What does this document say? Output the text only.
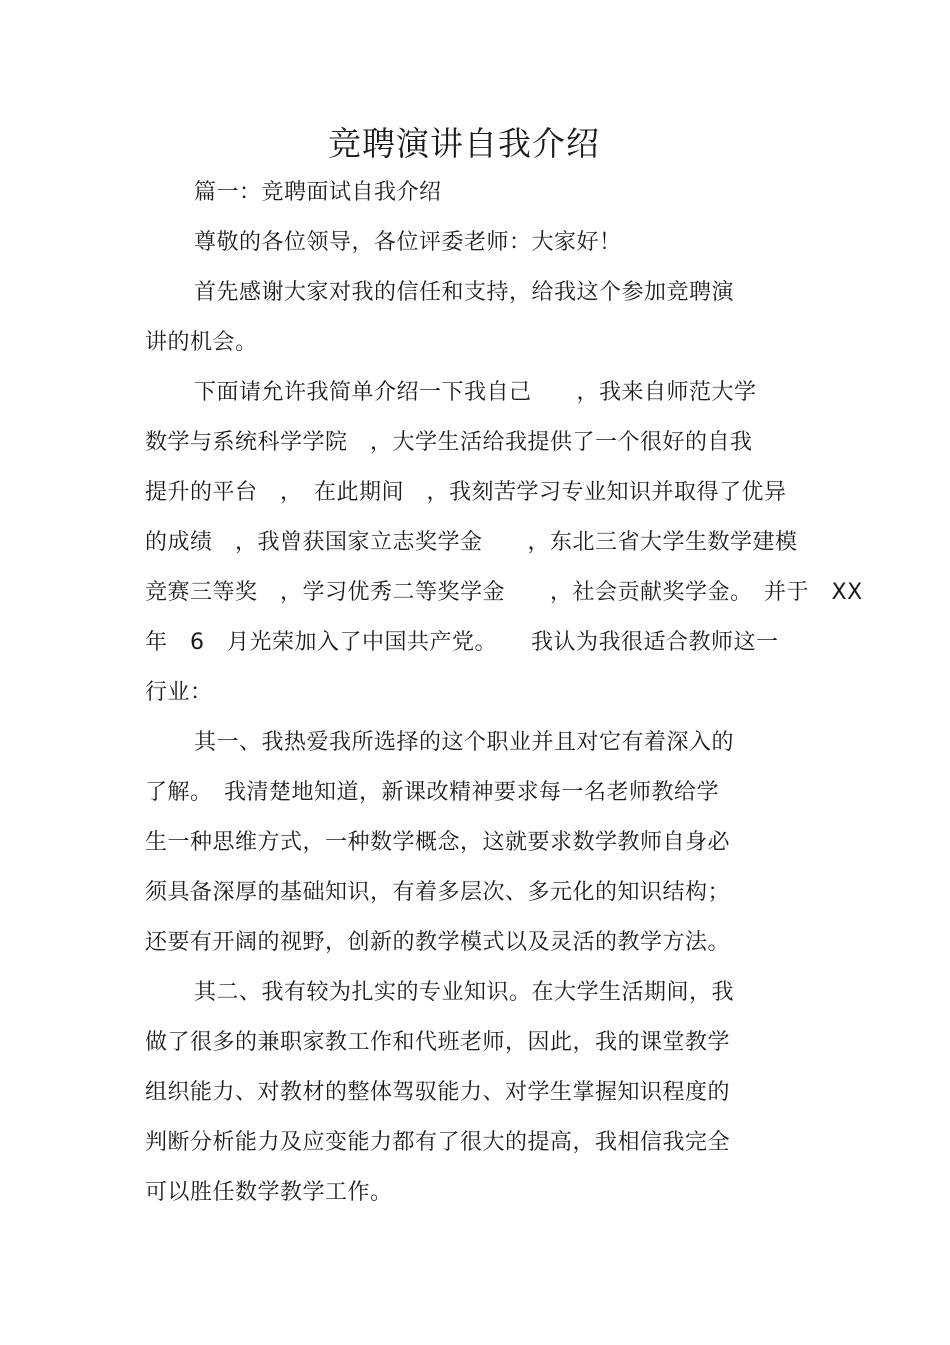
竞聘演讲自我介绍

篇一：竞聘面试自我介绍

尊敬的各位领导，各位评委老师：大家好！

首先感谢大家对我的信任和支持，给我这个参加竞聘演

讲的机会。

下面请允许我简单介绍一下我自己　　，我来自师范大学

数学与系统科学学院　，大学生活给我提供了一个很好的自我

提升的平台　，　在此期间　，我刻苦学习专业知识并取得了优异

的成绩　，我曾获国家立志奖学金　　，东北三省大学生数学建模

竞赛三等奖　，学习优秀二等奖学金　　，社会贡献奖学金。　并于　XX

年　6　月光荣加入了中国共产党。　　我认为我很适合教师这一

行业：

其一、我热爱我所选择的这个职业并且对它有着深入的

了解。　我清楚地知道，新课改精神要求每一名老师教给学

生一种思维方式，一种数学概念，这就要求数学教师自身必

须具备深厚的基础知识，有着多层次、多元化的知识结构；

还要有开阔的视野，创新的教学模式以及灵活的教学方法。

其二、我有较为扎实的专业知识。在大学生活期间，我

做了很多的兼职家教工作和代班老师，因此，我的课堂教学

组织能力、对教材的整体驾驭能力、对学生掌握知识程度的

判断分析能力及应变能力都有了很大的提高，我相信我完全

可以胜任数学教学工作。
